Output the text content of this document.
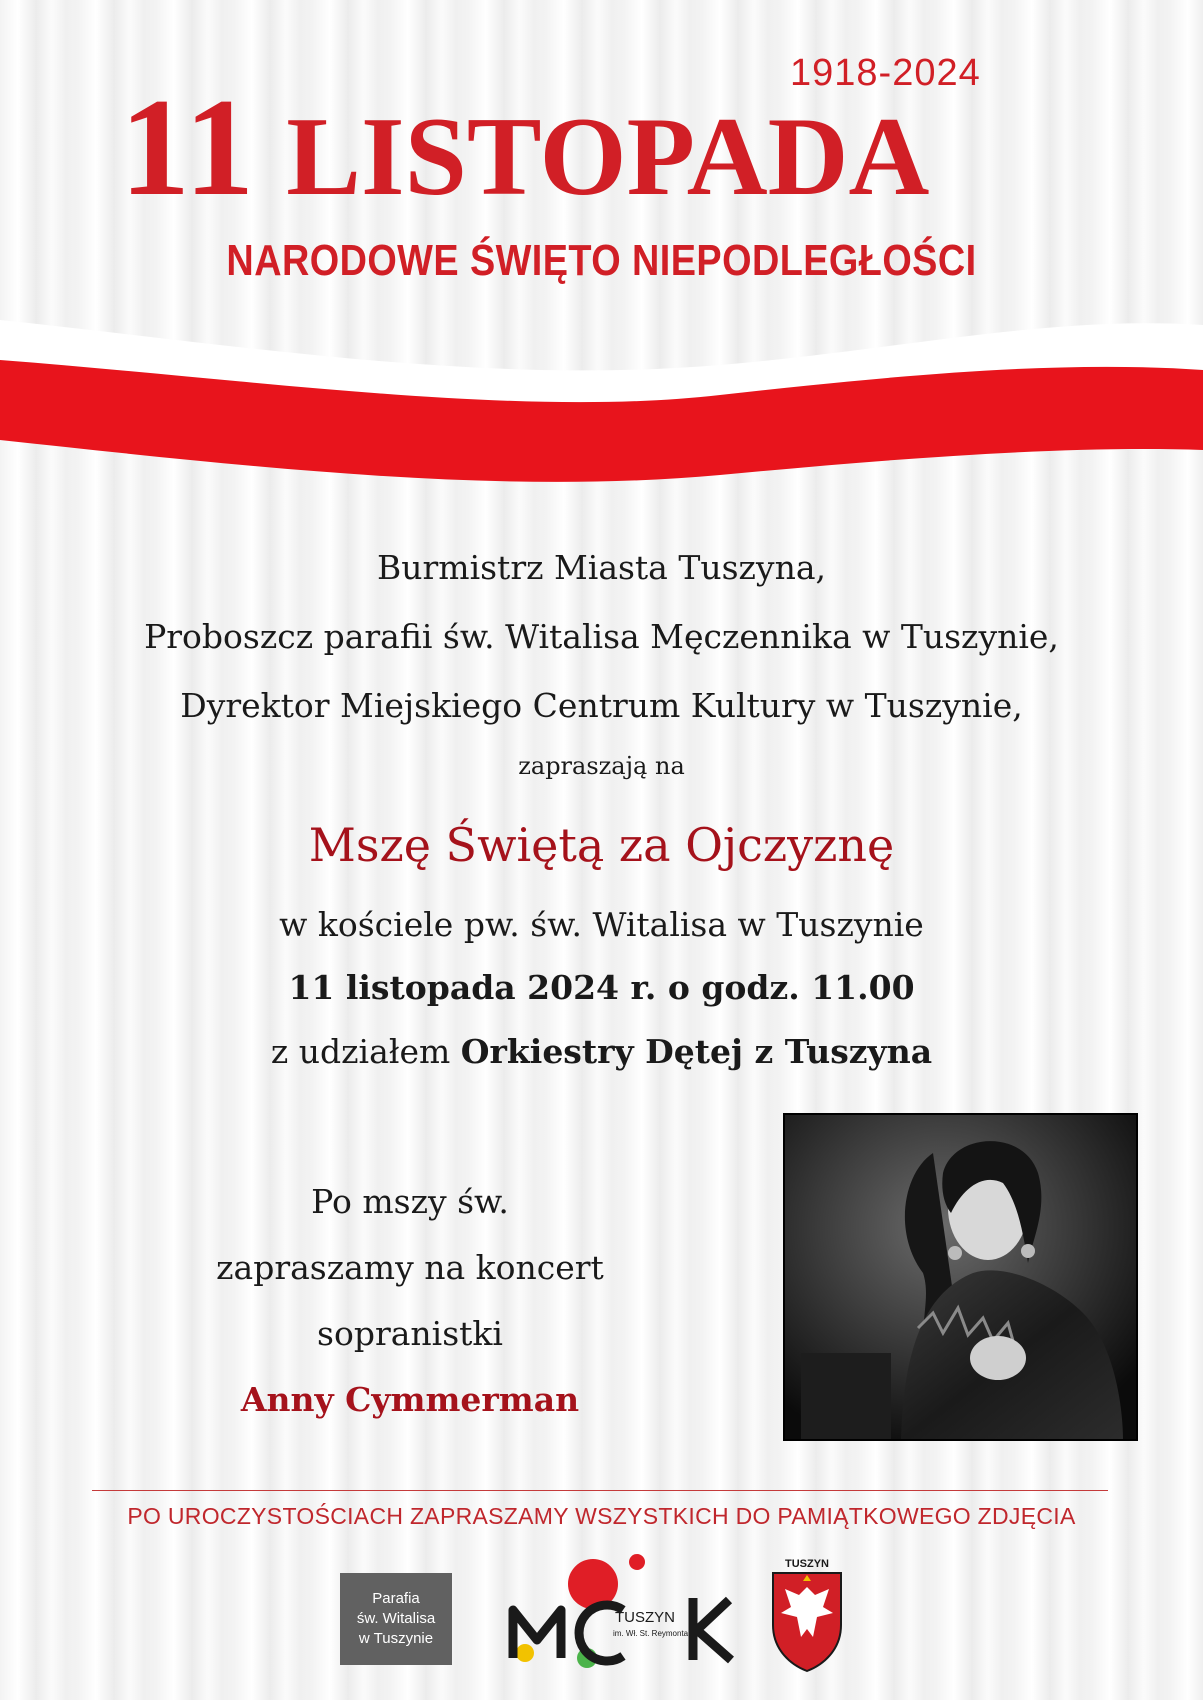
1918-2024
11 LISTOPADA
NARODOWE ŚWIĘTO NIEPODLEGŁOŚCI
Burmistrz Miasta Tuszyna,
Proboszcz parafii św. Witalisa Męczennika w Tuszynie,
Dyrektor Miejskiego Centrum Kultury w Tuszynie,
zapraszają na
Mszę Świętą za Ojczyznę
w kościele pw. św. Witalisa w Tuszynie
11 listopada 2024 r. o godz. 11.00
z udziałem Orkiestry Dętej z Tuszyna
Po mszy św.
zapraszamy na koncert
sopranistki
Anny Cymmerman
PO UROCZYSTOŚCIACH ZAPRASZAMY WSZYSTKICH DO PAMIĄTKOWEGO ZDJĘCIA
Parafia
św. Witalisa
w Tuszynie
TUSZYN
im. Wł. St. Reymonta
TUSZYN
